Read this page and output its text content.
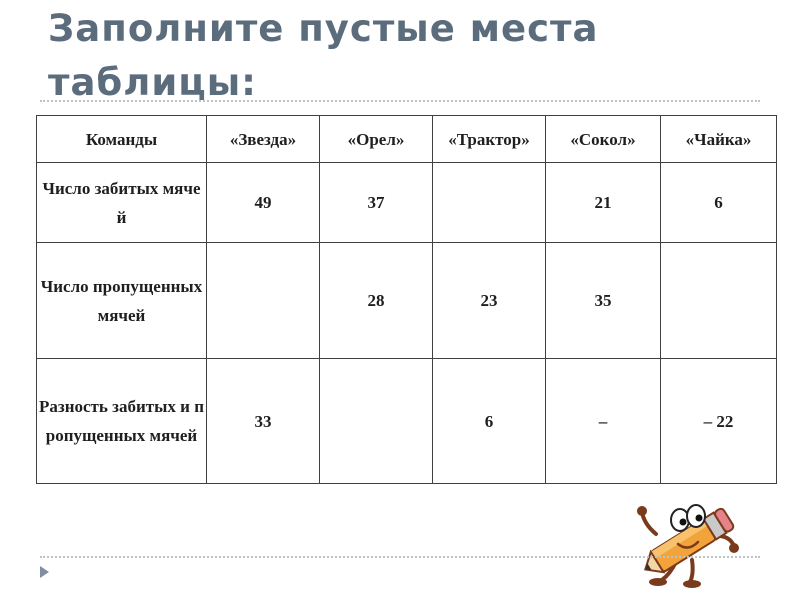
Заполните пустые места таблицы:
Команды	«Звезда»	«Орел»	«Трактор»	«Сокол»	«Чайка»
Число забитых мячей	49	37		21	6
Число пропущенных мячей		28	23	35	
Разность забитых и пропущенных мячей	33		6	–	– 22
